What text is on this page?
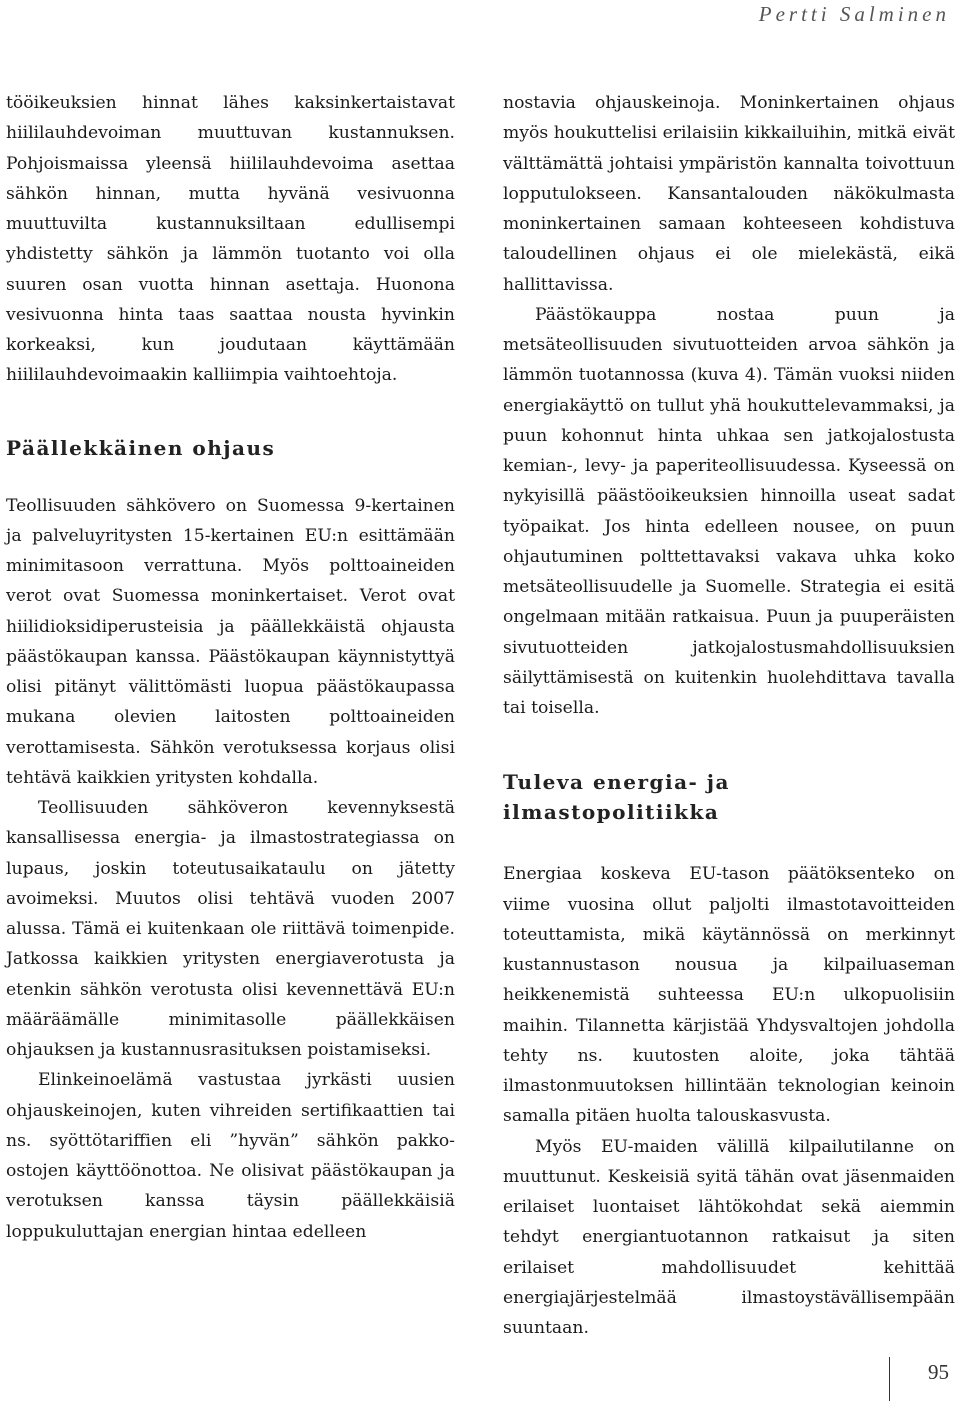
Pertti Salminen

tööikeuksien hinnat lähes kaksinkertaistavat hiililauhdevoiman muuttuvan kustannuksen. Pohjoismaissa yleensä hiililauhdevoima asettaa sähkön hinnan, mutta hyvänä vesivuonna muuttuvilta kustannuksiltaan edullisempi yhdistetty sähkön ja lämmön tuotanto voi olla suuren osan vuotta hinnan asettaja. Huonona vesivuonna hinta taas saattaa nousta hyvinkin korkeaksi, kun joudutaan käyttämään hiililauhdevoimaakin kalliimpia vaihtoehtoja.

Päällekkäinen ohjaus

Teollisuuden sähkövero on Suomessa 9-kertainen ja palveluyritysten 15-kertainen EU:n esittämään minimitasoon verrattuna. Myös polttoaineiden verot ovat Suomessa moninkertaiset. Verot ovat hiilidioksidiperusteisia ja päällekkäistä ohjausta päästökaupan kanssa. Päästökaupan käynnistyttyä olisi pitänyt välittömästi luopua päästökaupassa mukana olevien laitosten polttoaineiden verottamisesta. Sähkön verotuksessa korjaus olisi tehtävä kaikkien yritysten kohdalla.

Teollisuuden sähköveron kevennyksestä kansallisessa energia- ja ilmastostrategiassa on lupaus, joskin toteutusaikataulu on jätetty avoimeksi. Muutos olisi tehtävä vuoden 2007 alussa. Tämä ei kuitenkaan ole riittävä toimenpide. Jatkossa kaikkien yritysten energiaverotusta ja etenkin sähkön verotusta olisi kevennettävä EU:n määräämälle minimitasolle päällekkäisen ohjauksen ja kustannusrasituksen poistamiseksi.

Elinkeinoelämä vastustaa jyrkästi uusien ohjauskeinojen, kuten vihreiden sertifikaattien tai ns. syöttötariffien eli ”hyvän” sähkön pakko-ostojen käyttöönottoa. Ne olisivat päästökaupan ja verotuksen kanssa täysin päällekkäisiä loppukuluttajan energian hintaa edelleen

nostavia ohjauskeinoja. Moninkertainen ohjaus myös houkuttelisi erilaisiin kikkailuihin, mitkä eivät välttämättä johtaisi ympäristön kannalta toivottuun lopputulokseen. Kansantalouden näkökulmasta moninkertainen samaan kohteeseen kohdistuva taloudellinen ohjaus ei ole mielekästä, eikä hallittavissa.

Päästökauppa nostaa puun ja metsäteollisuuden sivutuotteiden arvoa sähkön ja lämmön tuotannossa (kuva 4). Tämän vuoksi niiden energiakäyttö on tullut yhä houkuttelevammaksi, ja puun kohonnut hinta uhkaa sen jatkojalostusta kemian-, levy- ja paperiteollisuudessa. Kyseessä on nykyisillä päästöoikeuksien hinnoilla useat sadat työpaikat. Jos hinta edelleen nousee, on puun ohjautuminen polttettavaksi vakava uhka koko metsäteollisuudelle ja Suomelle. Strategia ei esitä ongelmaan mitään ratkaisua. Puun ja puuperäisten sivutuotteiden jatkojalostusmahdollisuuksien säilyttämisestä on kuitenkin huolehdittava tavalla tai toisella.

Tuleva energia- ja ilmastopolitiikka

Energiaa koskeva EU-tason päätöksenteko on viime vuosina ollut paljolti ilmastotavoitteiden toteuttamista, mikä käytännössä on merkinnyt kustannustason nousua ja kilpailuaseman heikkenemistä suhteessa EU:n ulkopuolisiin maihin. Tilannetta kärjistää Yhdysvaltojen johdolla tehty ns. kuutosten aloite, joka tähtää ilmastonmuutoksen hillintään teknologian keinoin samalla pitäen huolta talouskasvusta.

Myös EU-maiden välillä kilpailutilanne on muuttunut. Keskeisiä syitä tähän ovat jäsenmaiden erilaiset luontaiset lähtökohdat sekä aiemmin tehdyt energiantuotannon ratkaisut ja siten erilaiset mahdollisuudet kehittää energiajärjestelmää ilmastoystävällisempään suuntaan.

95
